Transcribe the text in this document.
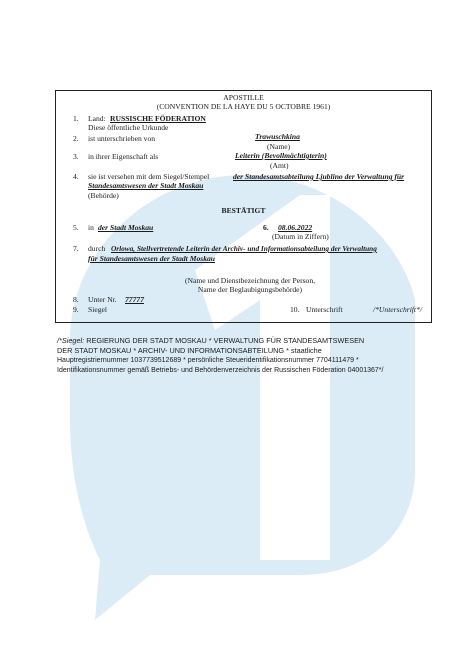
APOSTILLE
(CONVENTION DE LA HAYE DU 5 OCTOBRE 1961)
1. Land: RUSSISCHE FÖDERATION
Diese öffentliche Urkunde
2. ist unterschrieben von	Trawuschkina
(Name)
3. in ihrer Eigenschaft als	Leiterin (Bevollmächtigterin)
(Amt)
4. sie ist versehen mit dem Siegel/Stempel	der Standesamtsabteilung Ljublino der Verwaltung für
Standesamtswesen der Stadt Moskau
(Behörde)
BESTÄTIGT
5. in der Stadt Moskau	6. 08.06.2022
(Datum in Ziffern)
7. durch Orlowa, Stellvertretende Leiterin der Archiv- und Informationsabteilung der Verwaltung
für Standesamtswesen der Stadt Moskau
(Name und Dienstbezeichnung der Person,
Name der Beglaubigungsbehörde)
8. Unter Nr. 77777
9. Siegel	10. Unterschrift	/*Unterschrift*/
/*Siegel: REGIERUNG DER STADT MOSKAU * VERWALTUNG FÜR STANDESAMTSWESEN
DER STADT MOSKAU * ARCHIV- UND INFORMATIONSABTEILUNG * staatliche
Hauptregistriernummer 1037739512689 * persönliche Steueridentifikationsnummer 7704111479 *
Identifikationsnummer gemäß Betriebs- und Behördenverzeichnis der Russischen Föderation 04001367*/
